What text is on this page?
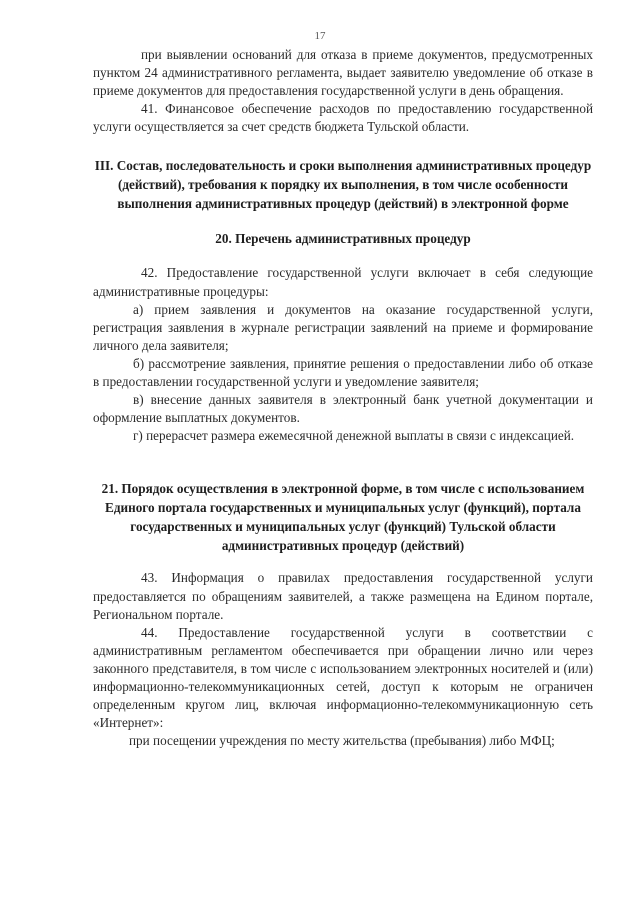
17

при выявлении оснований для отказа в приеме документов, предусмотренных пунктом 24 административного регламента, выдает заявителю уведомление об отказе в приеме документов для предоставления государственной услуги в день обращения.

41. Финансовое обеспечение расходов по предоставлению государственной услуги осуществляется за счет средств бюджета Тульской области.

III. Состав, последовательность и сроки выполнения административных процедур (действий), требования к порядку их выполнения, в том числе особенности выполнения административных процедур (действий) в электронной форме
20. Перечень административных процедур

42. Предоставление государственной услуги включает в себя следующие административные процедуры:

а) прием заявления и документов на оказание государственной услуги, регистрация заявления в журнале регистрации заявлений на приеме и формирование личного дела заявителя;

б) рассмотрение заявления, принятие решения о предоставлении либо об отказе в предоставлении государственной услуги и уведомление заявителя;

в) внесение данных заявителя в электронный банк учетной документации и оформление выплатных документов.

г) перерасчет размера ежемесячной денежной выплаты в связи с индексацией.

21. Порядок осуществления в электронной форме, в том числе с использованием Единого портала государственных и муниципальных услуг (функций), портала государственных и муниципальных услуг (функций) Тульской области административных процедур (действий)

43. Информация о правилах предоставления государственной услуги предоставляется по обращениям заявителей, а также размещена на Едином портале, Региональном портале.

44. Предоставление государственной услуги в соответствии с административным регламентом обеспечивается при обращении лично или через законного представителя, в том числе с использованием электронных носителей и (или) информационно-телекоммуникационных сетей, доступ к которым не ограничен определенным кругом лиц, включая информационно-телекоммуникационную сеть «Интернет»:

при посещении учреждения по месту жительства (пребывания) либо МФЦ;
